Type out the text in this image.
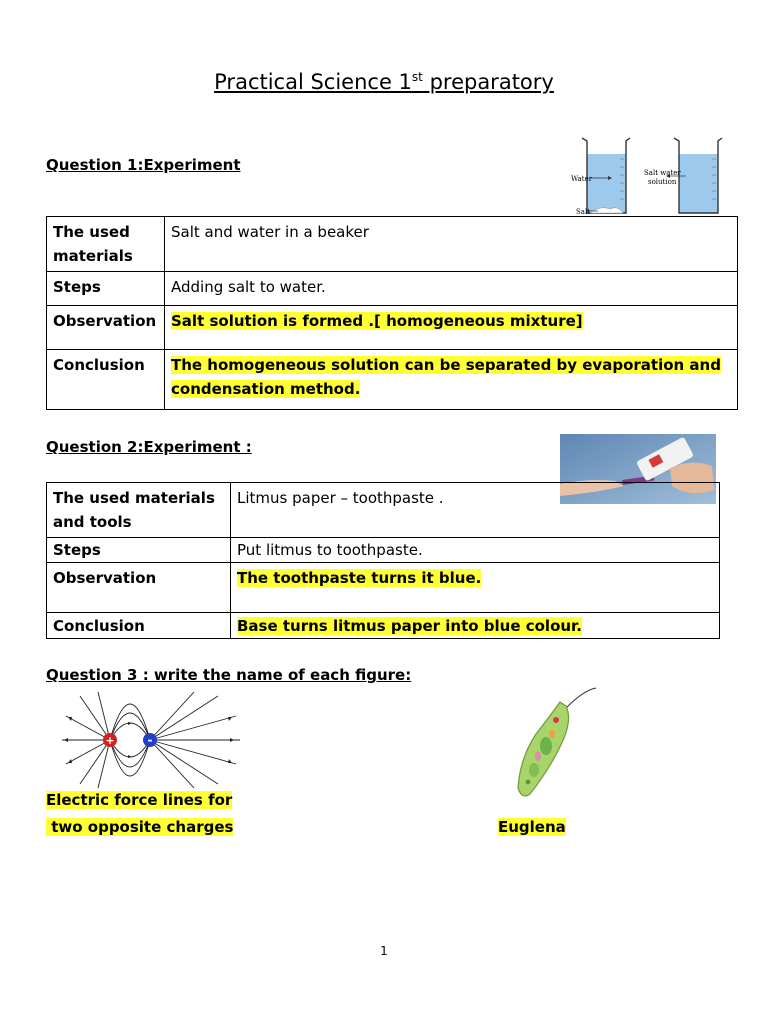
Practical Science 1st preparatory
Question 1:Experiment
Water
Salt
Salt water
solution
The used materials	Salt and water in a beaker
Steps	Adding salt to water.
Observation	Salt solution is formed .[ homogeneous mixture]
Conclusion	The homogeneous solution can be separated by evaporation and condensation method.
Question 2:Experiment :
The used materials and tools	Litmus paper – toothpaste .
Steps	Put litmus to toothpaste.
Observation	The toothpaste turns it blue.
Conclusion	Base turns litmus paper into blue colour.
Question 3 : write the name of each figure:
+	-
Electric force lines for
two opposite charges	Euglena
1
